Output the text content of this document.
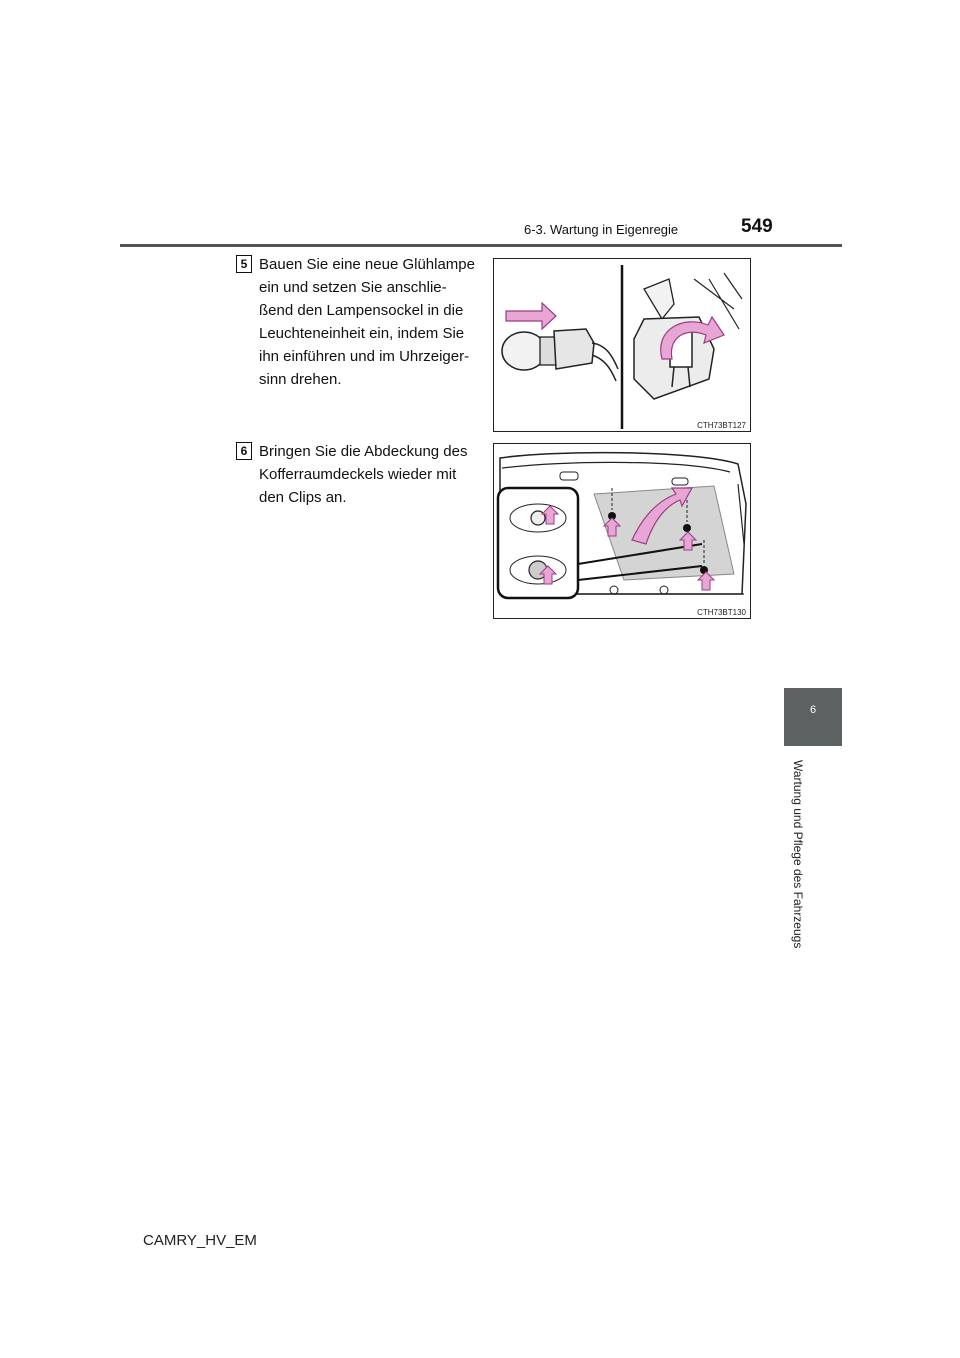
6-3. Wartung in Eigenregie	549
5 Bauen Sie eine neue Glühlampe
ein und setzen Sie anschlie-
ßend den Lampensockel in die
Leuchteneinheit ein, indem Sie
ihn einführen und im Uhrzeiger-
sinn drehen.
CTH73BT127
6 Bringen Sie die Abdeckung des
Kofferraumdeckels wieder mit
den Clips an.
CTH73BT130
6
Wartung und Pflege des Fahrzeugs
CAMRY_HV_EM
